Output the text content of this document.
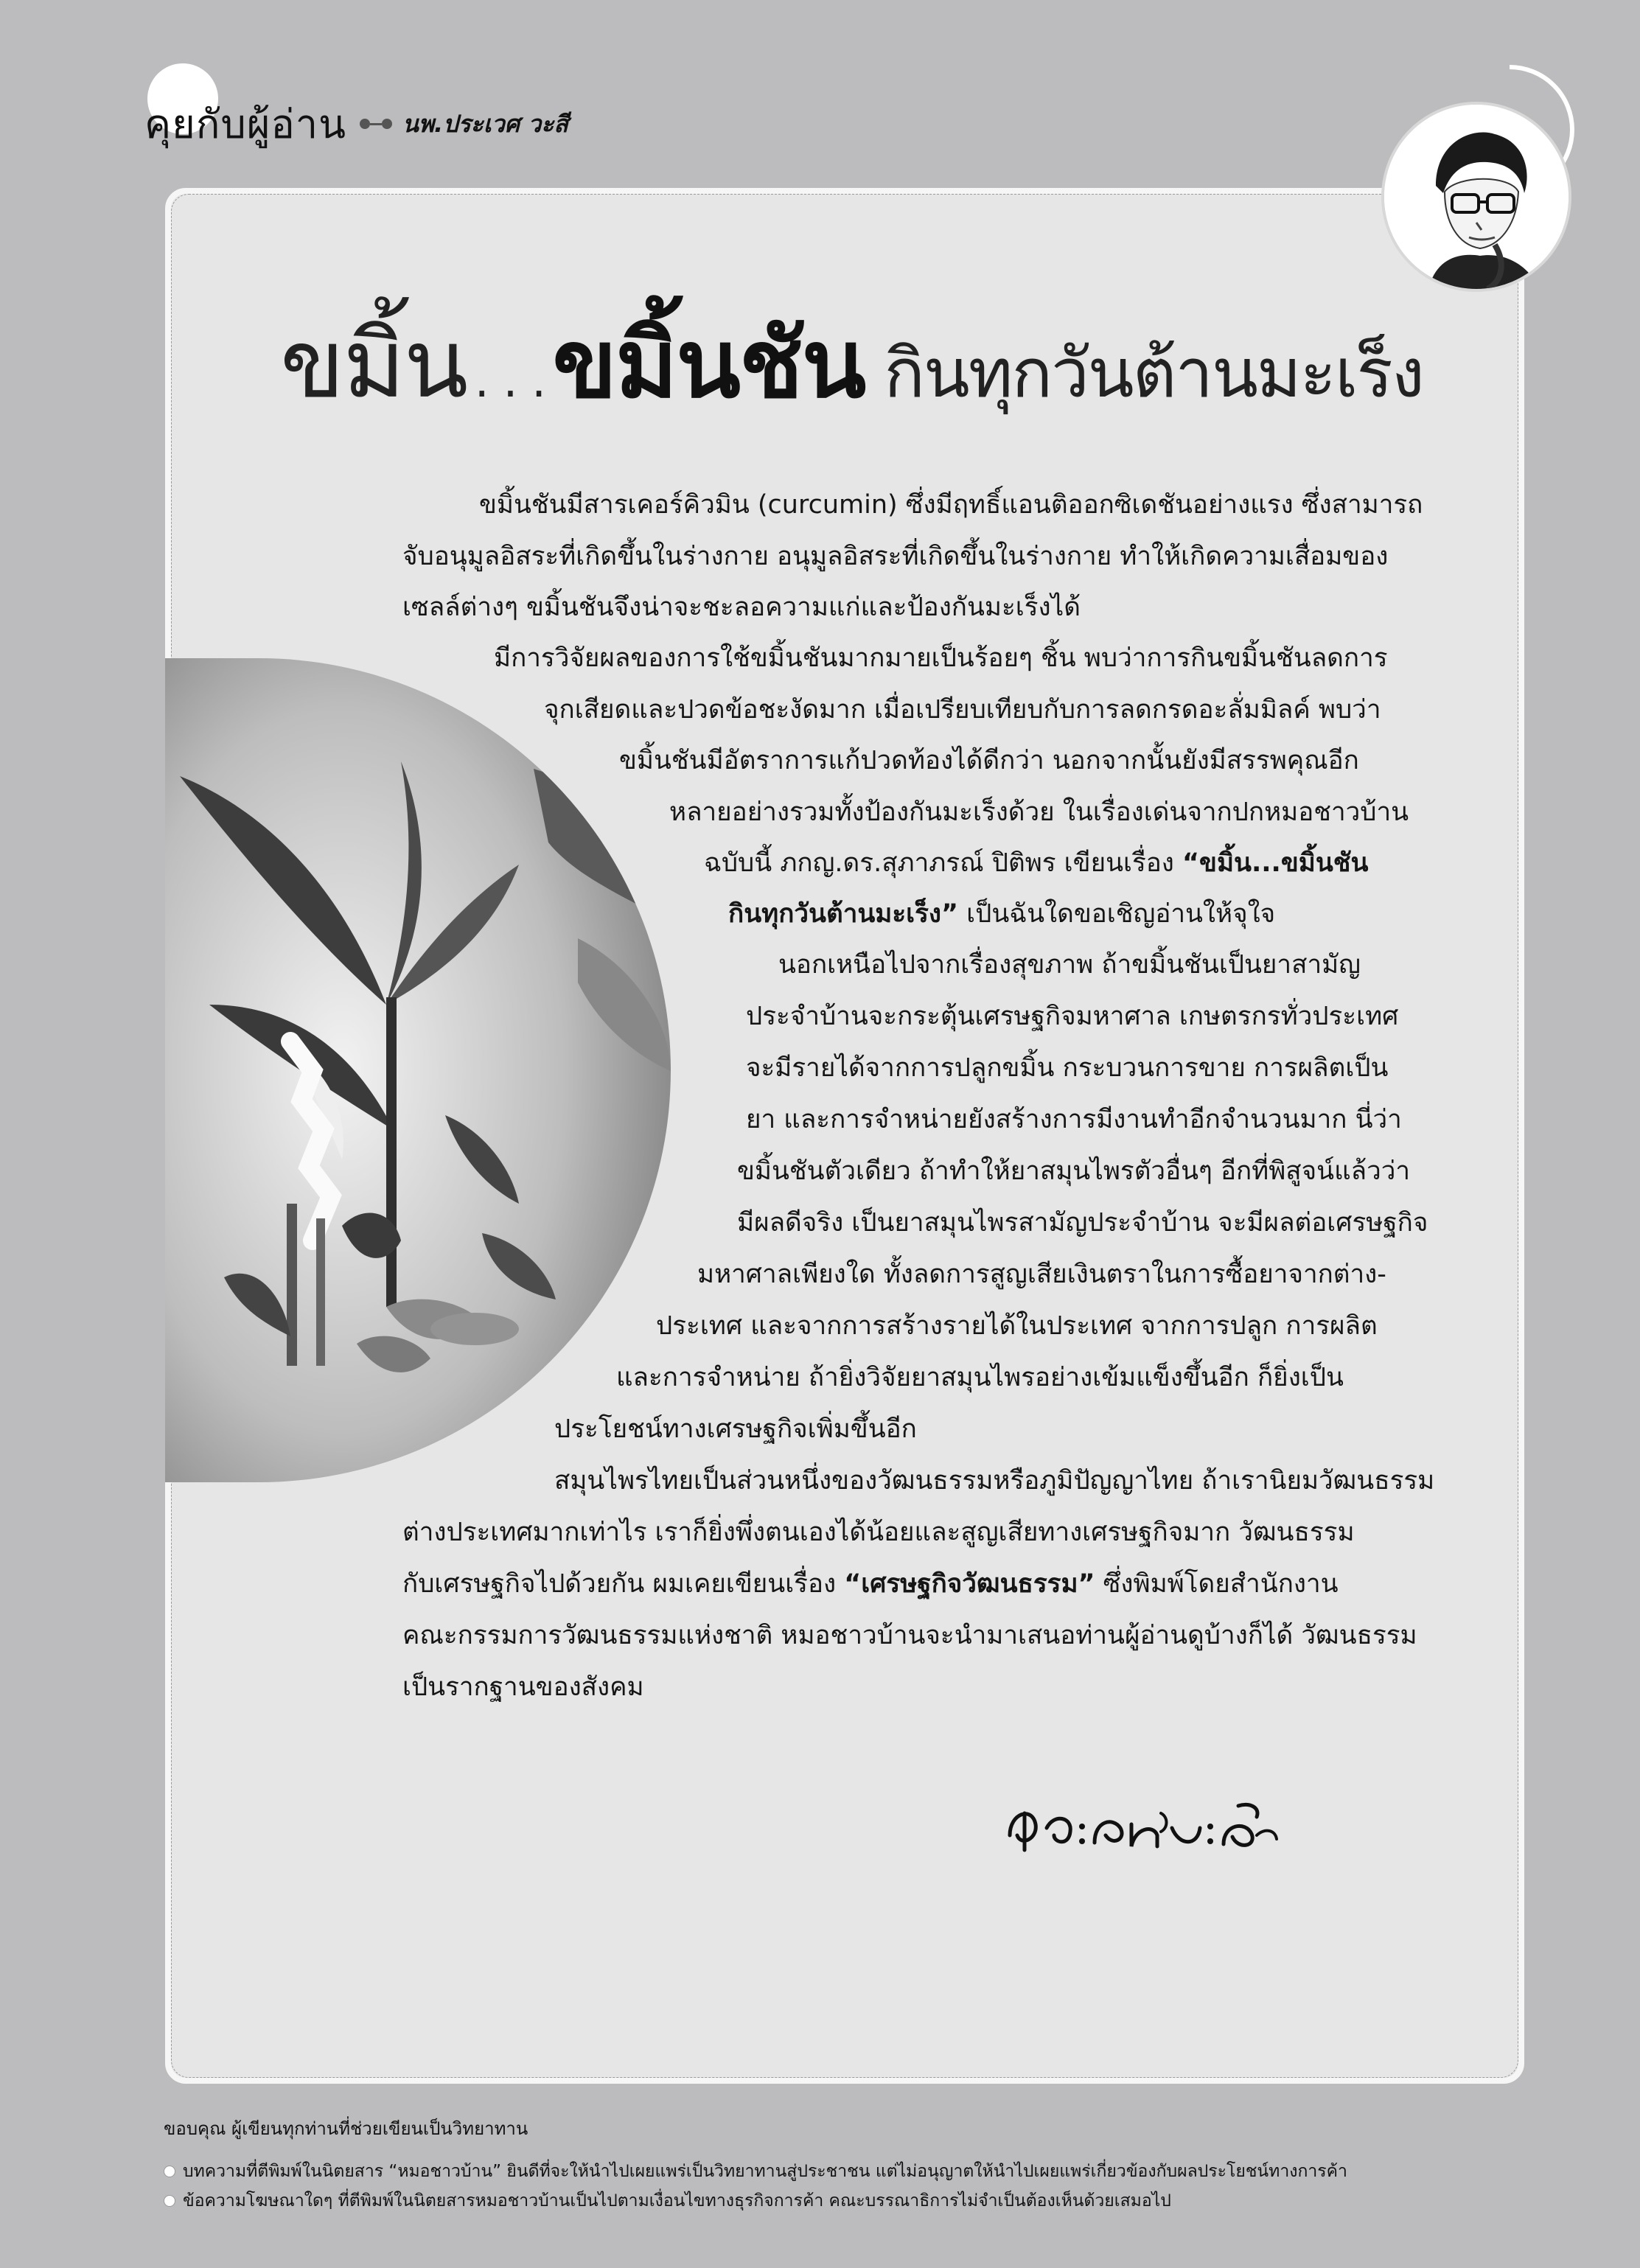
คุยกับผู้อ่าน นพ.ประเวศ วะสี
ขมิ้น...ขมิ้นชัน กินทุกวันต้านมะเร็ง
ขมิ้นชันมีสารเคอร์คิวมิน (curcumin) ซึ่งมีฤทธิ์แอนติออกซิเดชันอย่างแรง ซึ่งสามารถ
จับอนุมูลอิสระที่เกิดขึ้นในร่างกาย อนุมูลอิสระที่เกิดขึ้นในร่างกาย ทำให้เกิดความเสื่อมของ
เซลล์ต่างๆ ขมิ้นชันจึงน่าจะชะลอความแก่และป้องกันมะเร็งได้
มีการวิจัยผลของการใช้ขมิ้นชันมากมายเป็นร้อยๆ ชิ้น พบว่าการกินขมิ้นชันลดการ
จุกเสียดและปวดข้อชะงัดมาก เมื่อเปรียบเทียบกับการลดกรดอะลั่มมิลค์ พบว่า
ขมิ้นชันมีอัตราการแก้ปวดท้องได้ดีกว่า นอกจากนั้นยังมีสรรพคุณอีก
หลายอย่างรวมทั้งป้องกันมะเร็งด้วย ในเรื่องเด่นจากปกหมอชาวบ้าน
ฉบับนี้ ภกญ.ดร.สุภาภรณ์ ปิติพร เขียนเรื่อง “ขมิ้น...ขมิ้นชัน
กินทุกวันต้านมะเร็ง” เป็นฉันใดขอเชิญอ่านให้จุใจ
นอกเหนือไปจากเรื่องสุขภาพ ถ้าขมิ้นชันเป็นยาสามัญ
ประจำบ้านจะกระตุ้นเศรษฐกิจมหาศาล เกษตรกรทั่วประเทศ
จะมีรายได้จากการปลูกขมิ้น กระบวนการขาย การผลิตเป็น
ยา และการจำหน่ายยังสร้างการมีงานทำอีกจำนวนมาก นี่ว่า
ขมิ้นชันตัวเดียว ถ้าทำให้ยาสมุนไพรตัวอื่นๆ อีกที่พิสูจน์แล้วว่า
มีผลดีจริง เป็นยาสมุนไพรสามัญประจำบ้าน จะมีผลต่อเศรษฐกิจ
มหาศาลเพียงใด ทั้งลดการสูญเสียเงินตราในการซื้อยาจากต่าง-
ประเทศ และจากการสร้างรายได้ในประเทศ จากการปลูก การผลิต
และการจำหน่าย ถ้ายิ่งวิจัยยาสมุนไพรอย่างเข้มแข็งขึ้นอีก ก็ยิ่งเป็น
ประโยชน์ทางเศรษฐกิจเพิ่มขึ้นอีก
สมุนไพรไทยเป็นส่วนหนึ่งของวัฒนธรรมหรือภูมิปัญญาไทย ถ้าเรานิยมวัฒนธรรม
ต่างประเทศมากเท่าไร เราก็ยิ่งพึ่งตนเองได้น้อยและสูญเสียทางเศรษฐกิจมาก วัฒนธรรม
กับเศรษฐกิจไปด้วยกัน ผมเคยเขียนเรื่อง “เศรษฐกิจวัฒนธรรม” ซึ่งพิมพ์โดยสำนักงาน
คณะกรรมการวัฒนธรรมแห่งชาติ หมอชาวบ้านจะนำมาเสนอท่านผู้อ่านดูบ้างก็ได้ วัฒนธรรม
เป็นรากฐานของสังคม
ขอบคุณ ผู้เขียนทุกท่านที่ช่วยเขียนเป็นวิทยาทาน
บทความที่ตีพิมพ์ในนิตยสาร “หมอชาวบ้าน” ยินดีที่จะให้นำไปเผยแพร่เป็นวิทยาทานสู่ประชาชน แต่ไม่อนุญาตให้นำไปเผยแพร่เกี่ยวข้องกับผลประโยชน์ทางการค้า
ข้อความโฆษณาใดๆ ที่ตีพิมพ์ในนิตยสารหมอชาวบ้านเป็นไปตามเงื่อนไขทางธุรกิจการค้า คณะบรรณาธิการไม่จำเป็นต้องเห็นด้วยเสมอไป
